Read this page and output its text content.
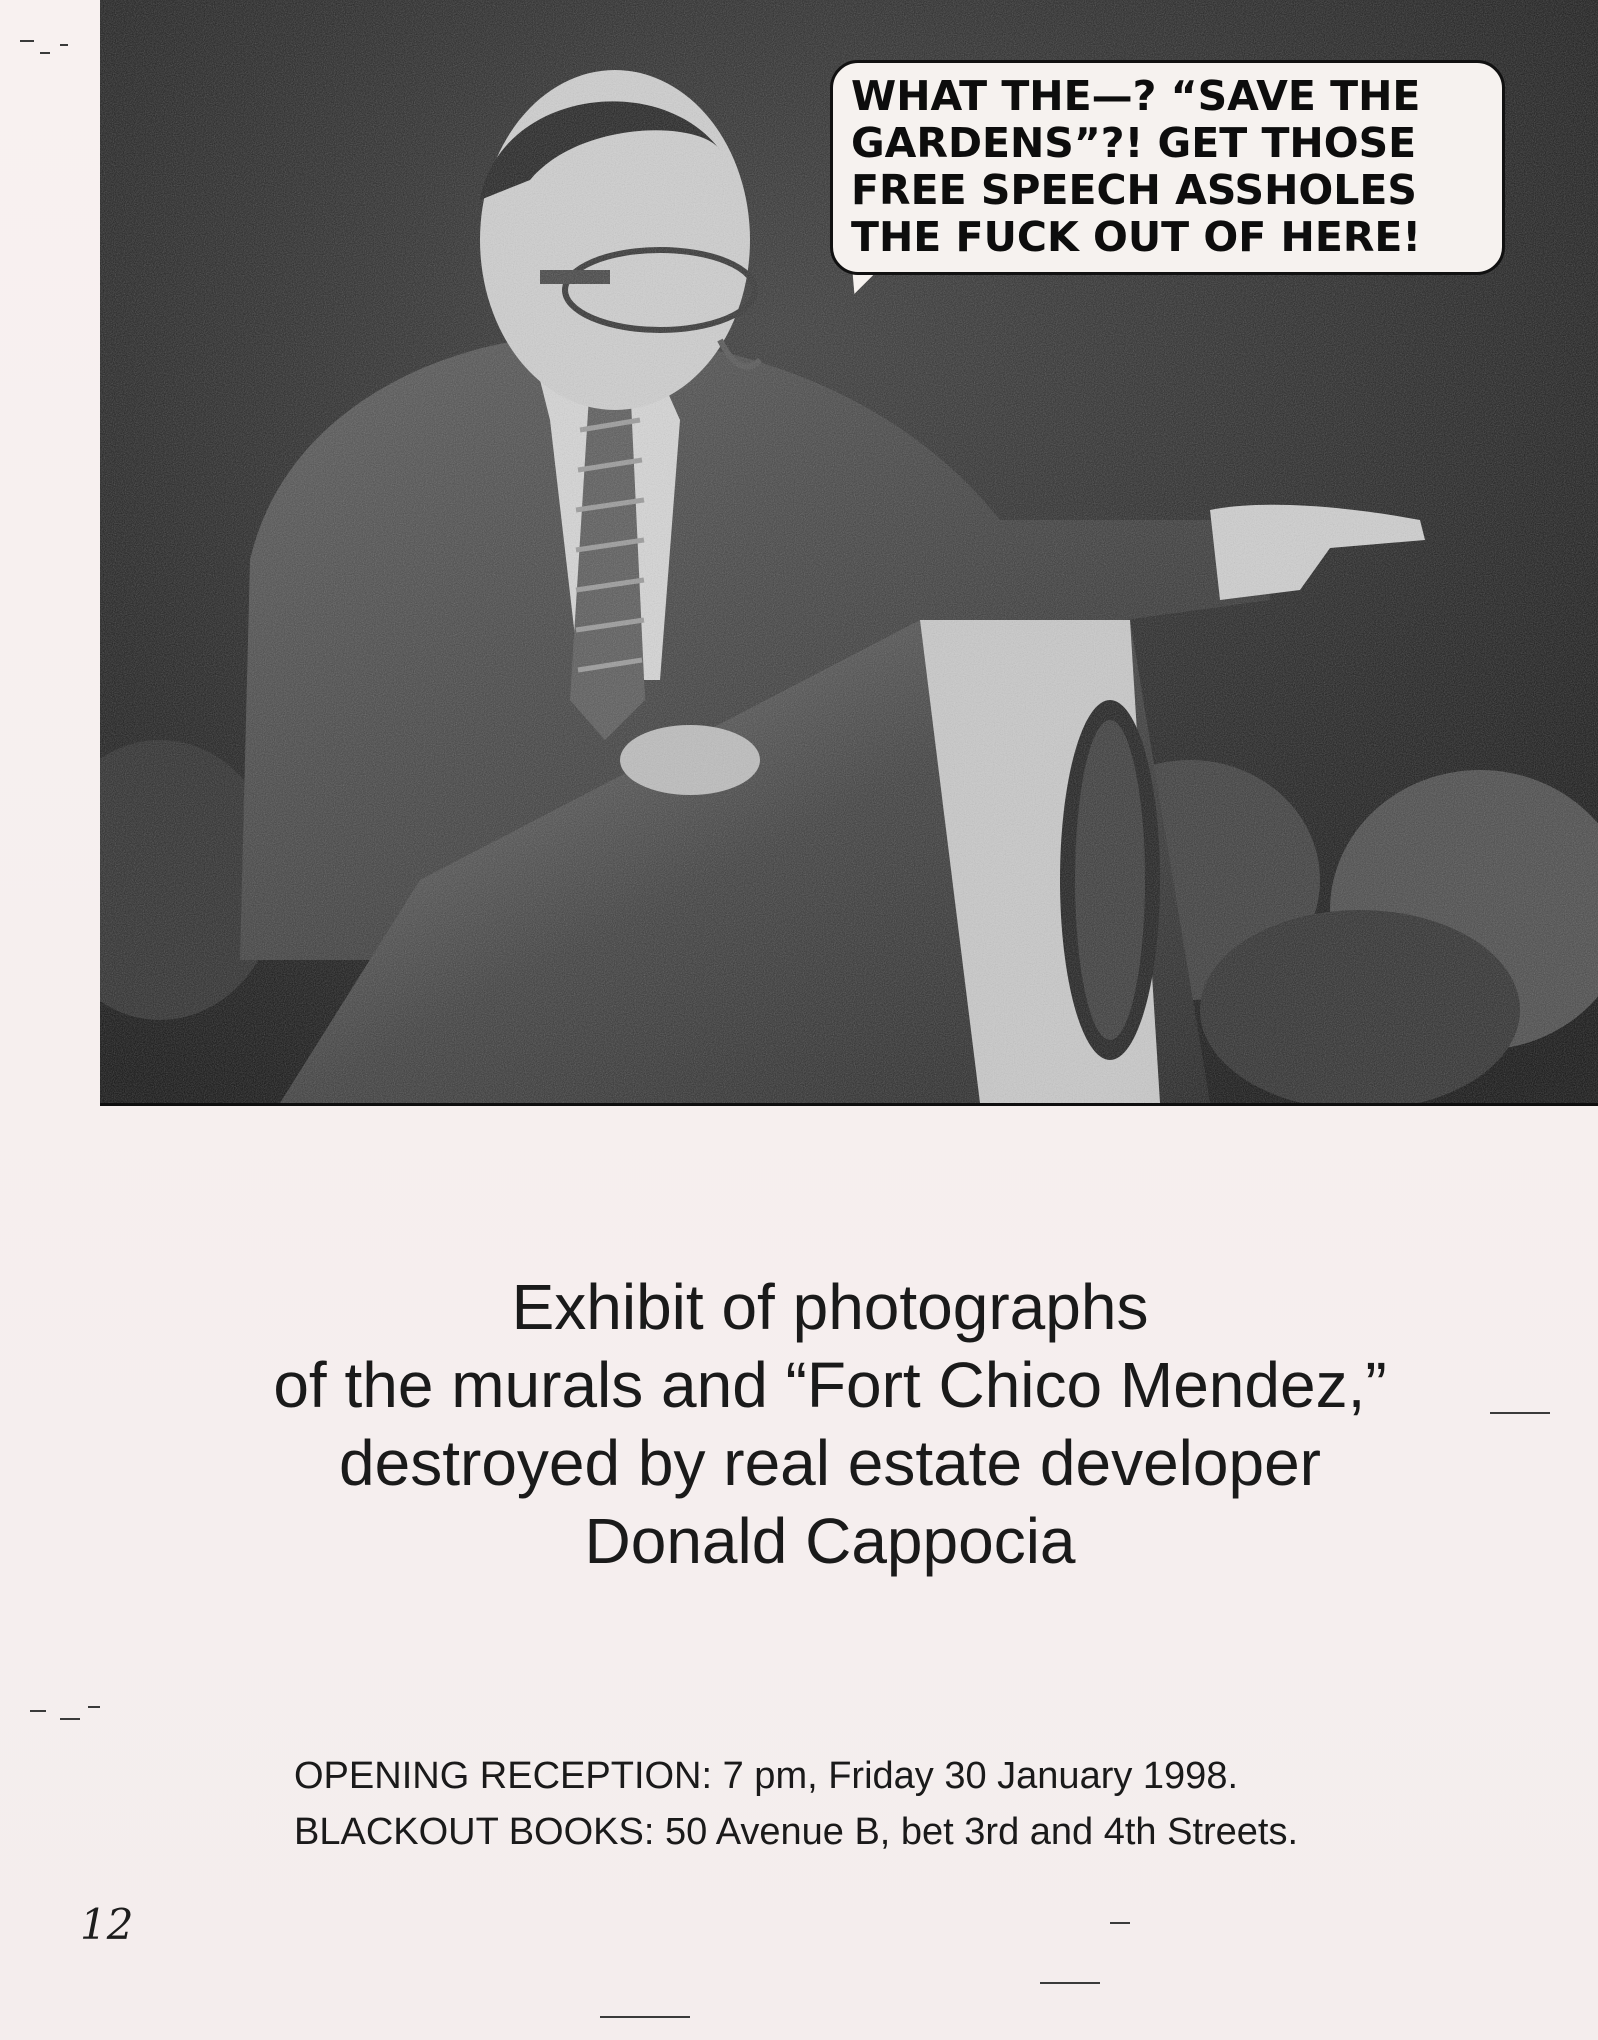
WHAT THE—? “SAVE THE
GARDENS”?! GET THOSE
FREE SPEECH ASSHOLES
THE FUCK OUT OF HERE!
Exhibit of photographs
of the murals and “Fort Chico Mendez,”
destroyed by real estate developer
Donald Cappocia
OPENING RECEPTION: 7 pm, Friday 30 January 1998.
BLACKOUT BOOKS: 50 Avenue B, bet 3rd and 4th Streets.
12
